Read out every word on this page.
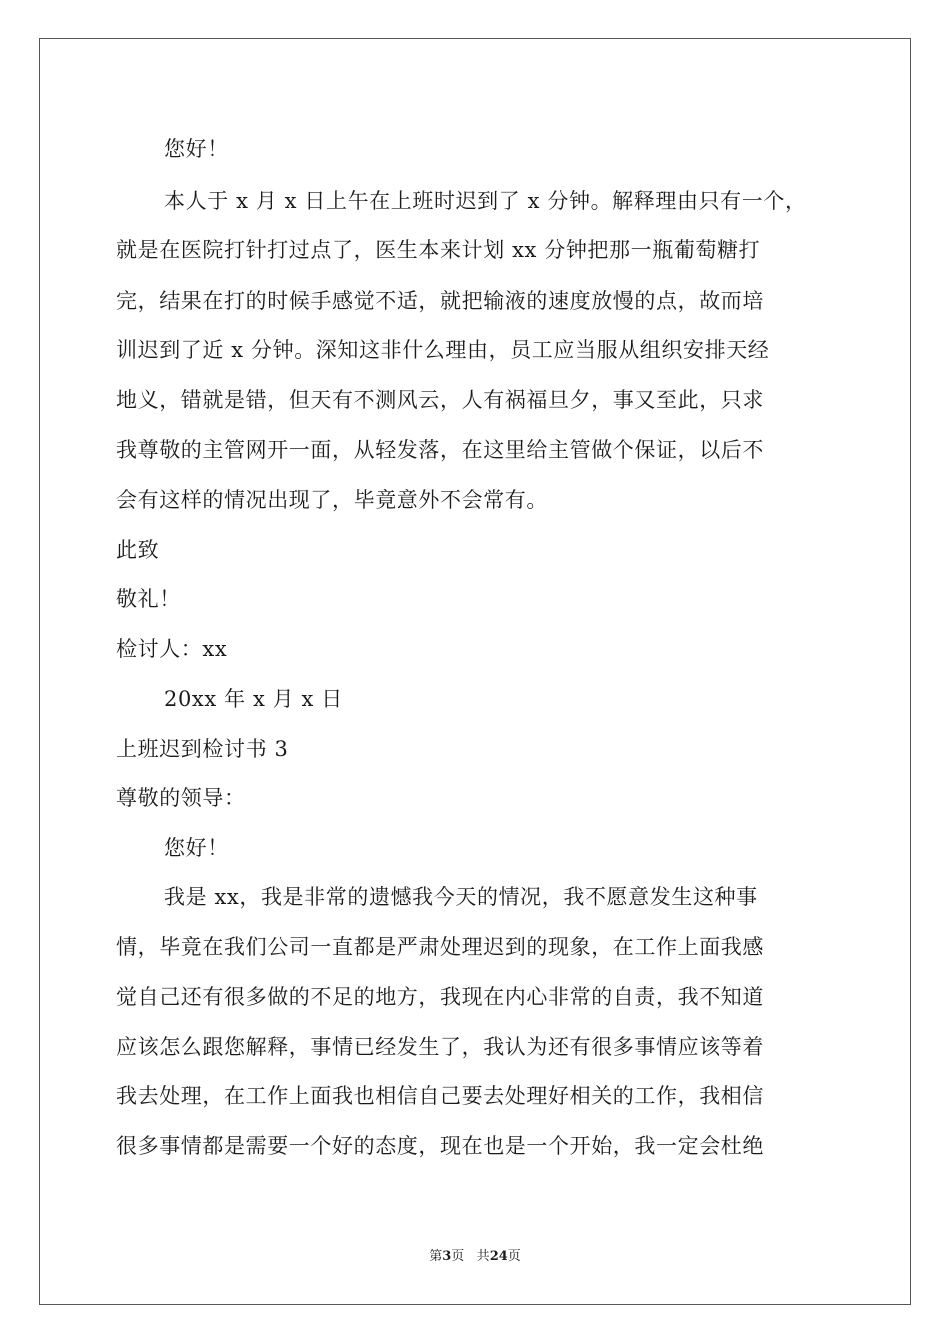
您好！
本人于 x 月 x 日上午在上班时迟到了 x 分钟。解释理由只有一个，
就是在医院打针打过点了，医生本来计划 xx 分钟把那一瓶葡萄糖打
完，结果在打的时候手感觉不适，就把输液的速度放慢的点，故而培
训迟到了近 x 分钟。深知这非什么理由，员工应当服从组织安排天经
地义，错就是错，但天有不测风云，人有祸福旦夕，事又至此，只求
我尊敬的主管网开一面，从轻发落，在这里给主管做个保证，以后不
会有这样的情况出现了，毕竟意外不会常有。
此致
敬礼！
检讨人：xx
20xx 年 x 月 x 日
上班迟到检讨书 3
尊敬的领导：
您好！
我是 xx，我是非常的遗憾我今天的情况，我不愿意发生这种事
情，毕竟在我们公司一直都是严肃处理迟到的现象，在工作上面我感
觉自己还有很多做的不足的地方，我现在内心非常的自责，我不知道
应该怎么跟您解释，事情已经发生了，我认为还有很多事情应该等着
我去处理，在工作上面我也相信自己要去处理好相关的工作，我相信
很多事情都是需要一个好的态度，现在也是一个开始，我一定会杜绝
第3页 共24页
